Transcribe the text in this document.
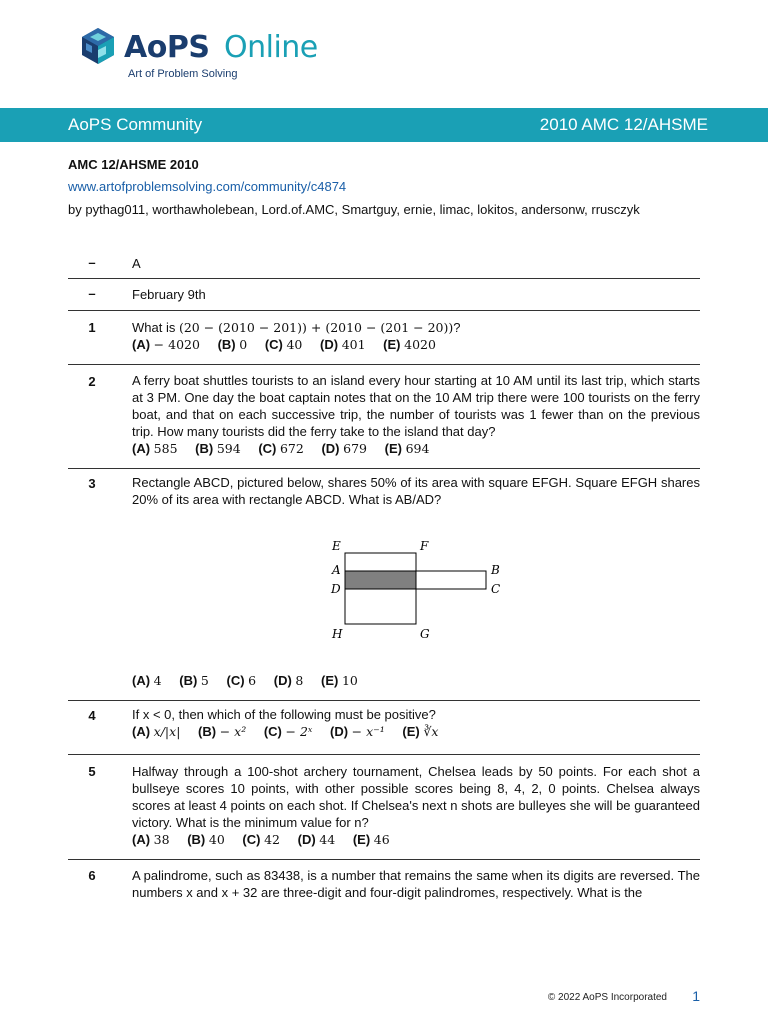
AoPS Online
Art of Problem Solving
AoPS Community	2010 AMC 12/AHSME
AMC 12/AHSME 2010
www.artofproblemsolving.com/community/c4874
by pythag011, worthawholebean, Lord.of.AMC, Smartguy, ernie, limac, lokitos, andersonw, rrusczyk
–	A
–	February 9th
1	What is (20 − (2010 − 201)) + (2010 − (201 − 20))?
(A) − 4020 (B) 0 (C) 40 (D) 401 (E) 4020
2	A ferry boat shuttles tourists to an island every hour starting at 10 AM until its last trip, which starts at 3 PM. One day the boat captain notes that on the 10 AM trip there were 100 tourists on the ferry boat, and that on each successive trip, the number of tourists was 1 fewer than on the previous trip. How many tourists did the ferry take to the island that day?
(A) 585 (B) 594 (C) 672 (D) 679 (E) 694
3	Rectangle ABCD, pictured below, shares 50% of its area with square EFGH. Square EFGH shares 20% of its area with rectangle ABCD. What is AB/AD?
(A) 4 (B) 5 (C) 6 (D) 8 (E) 10
E	F
A
D
B
C
H	G
4	If x < 0, then which of the following must be positive?
(A) x/|x| (B) − x² (C) − 2ˣ (D) − x⁻¹ (E) ∛x
5	Halfway through a 100-shot archery tournament, Chelsea leads by 50 points. For each shot a bullseye scores 10 points, with other possible scores being 8, 4, 2, 0 points. Chelsea always scores at least 4 points on each shot. If Chelsea's next n shots are bulleyes she will be guaranteed victory. What is the minimum value for n?
(A) 38 (B) 40 (C) 42 (D) 44 (E) 46
6	A palindrome, such as 83438, is a number that remains the same when its digits are reversed. The numbers x and x + 32 are three-digit and four-digit palindromes, respectively. What is the
© 2022 AoPS Incorporated 1
